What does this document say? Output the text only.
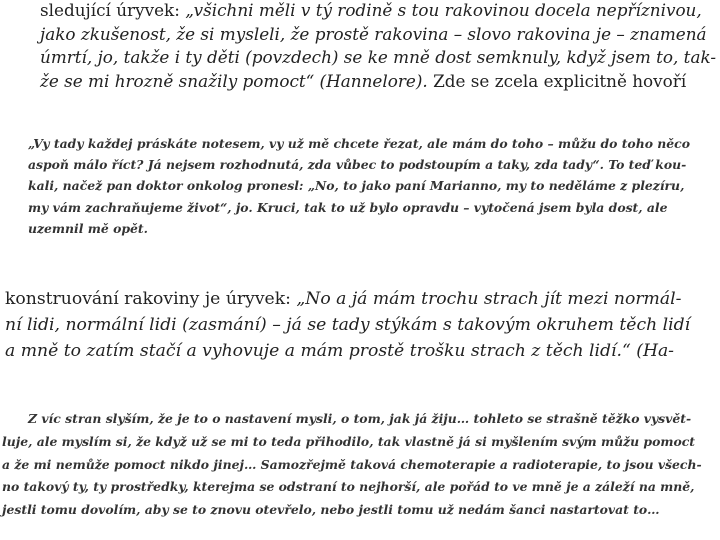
sledující úryvek: „všichni měli v tý rodině s tou rakovinou docela nepříznivou,
jako zkušenost, že si mysleli, že prostě rakovina – slovo rakovina je – znamená
úmrtí, jo, takže i ty děti (povzdech) se ke mně dost semknuly, když jsem to, tak-
že se mi hrozně snažily pomoct“ (Hannelore). Zde se zcela explicitně hovoří
„Vy tady každej práskáte notesem, vy už mě chcete řezat, ale mám do toho – můžu do toho něco
aspoň málo říct? Já nejsem rozhodnutá, zda vůbec to podstoupím a taky, zda tady“. To teď kou-
kali, načež pan doktor onkolog pronesl: „No, to jako paní Marianno, my to neděláme z plezíru,
my vám zachraňujeme život“, jo. Kruci, tak to už bylo opravdu – vytočená jsem byla dost, ale
uzemnil mě opět.
konstruování rakoviny je úryvek: „No a já mám trochu strach jít mezi normál-
ní lidi, normální lidi (zasmání) – já se tady stýkám s takovým okruhem těch lidí
a mně to zatím stačí a vyhovuje a mám prostě trošku strach z těch lidí.“ (Ha-
Z víc stran slyším, že je to o nastavení mysli, o tom, jak já žiju… tohleto se strašně těžko vysvět-
luje, ale myslím si, že když už se mi to teda přihodilo, tak vlastně já si myšlením svým můžu pomoct
a že mi nemůže pomoct nikdo jinej… Samozřejmě taková chemoterapie a radioterapie, to jsou všech-
no takový ty, ty prostředky, kterejma se odstraní to nejhorší, ale pořád to ve mně je a záleží na mně,
jestli tomu dovolím, aby se to znovu otevřelo, nebo jestli tomu už nedám šanci nastartovat to…
